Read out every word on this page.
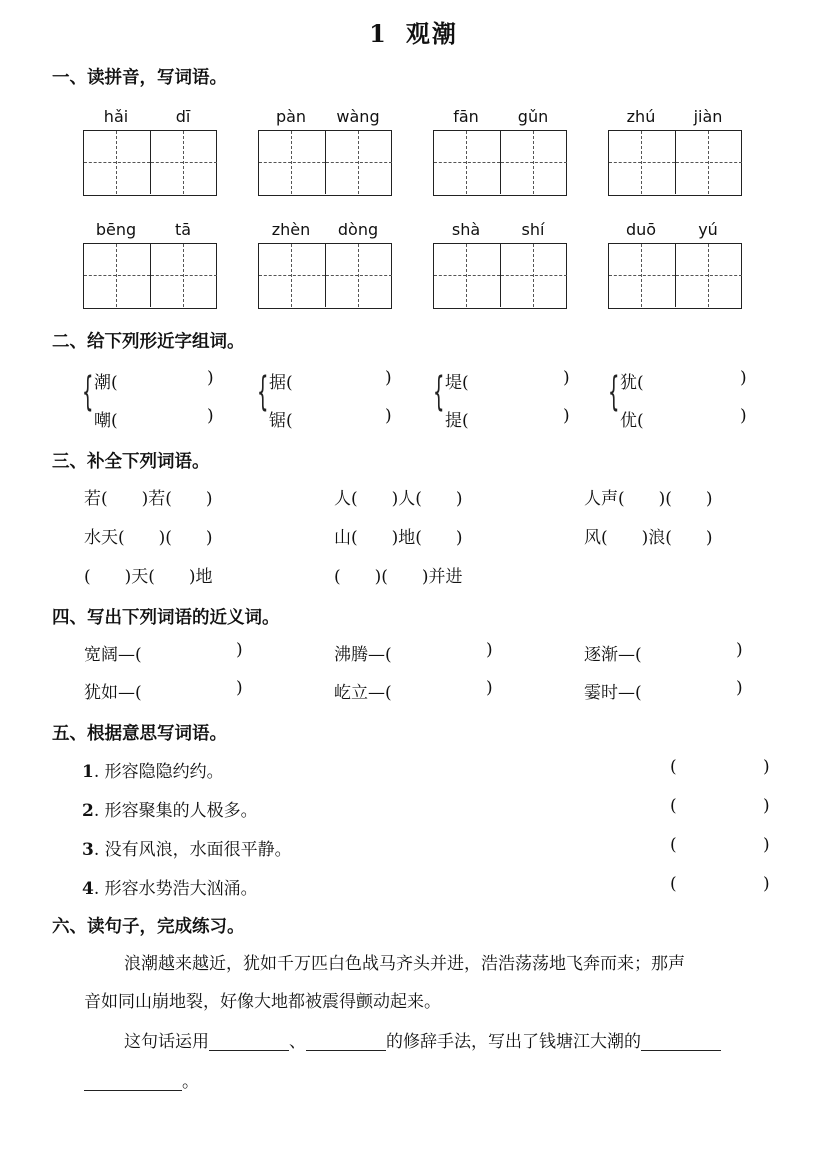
1 观潮
一、读拼音，写词语。
hǎi	dī	pàn	wàng	fān	gǔn	zhú	jiàn
bēng	tā	zhèn	dòng	shà	shí	duō	yú
二、给下列形近字组词。
{ 潮(	)
嘲(	)
{ 据(	)
锯(	)
{ 堤(	)
提(	)
{ 犹(	)
优(	)
三、补全下列词语。
若(　　)若(　　)	人(　　)人(　　)	人声(　　)(　　)
水天(　　)(　　)	山(　　)地(　　)	风(　　)浪(　　)
(　　)天(　　)地	(　　)(　　)并进
四、写出下列词语的近义词。
宽阔—(	)	沸腾—(	)	逐渐—(	)
犹如—(	)	屹立—(	)	霎时—(	)
五、根据意思写词语。
1. 形容隐隐约约。	(	)
2. 形容聚集的人极多。	(	)
3. 没有风浪，水面很平静。	(	)
4. 形容水势浩大汹涌。	(	)
六、读句子，完成练习。
浪潮越来越近，犹如千万匹白色战马齐头并进，浩浩荡荡地飞奔而来；那声
音如同山崩地裂，好像大地都被震得颤动起来。
这句话运用	、	的修辞手法，写出了钱塘江大潮的
。
